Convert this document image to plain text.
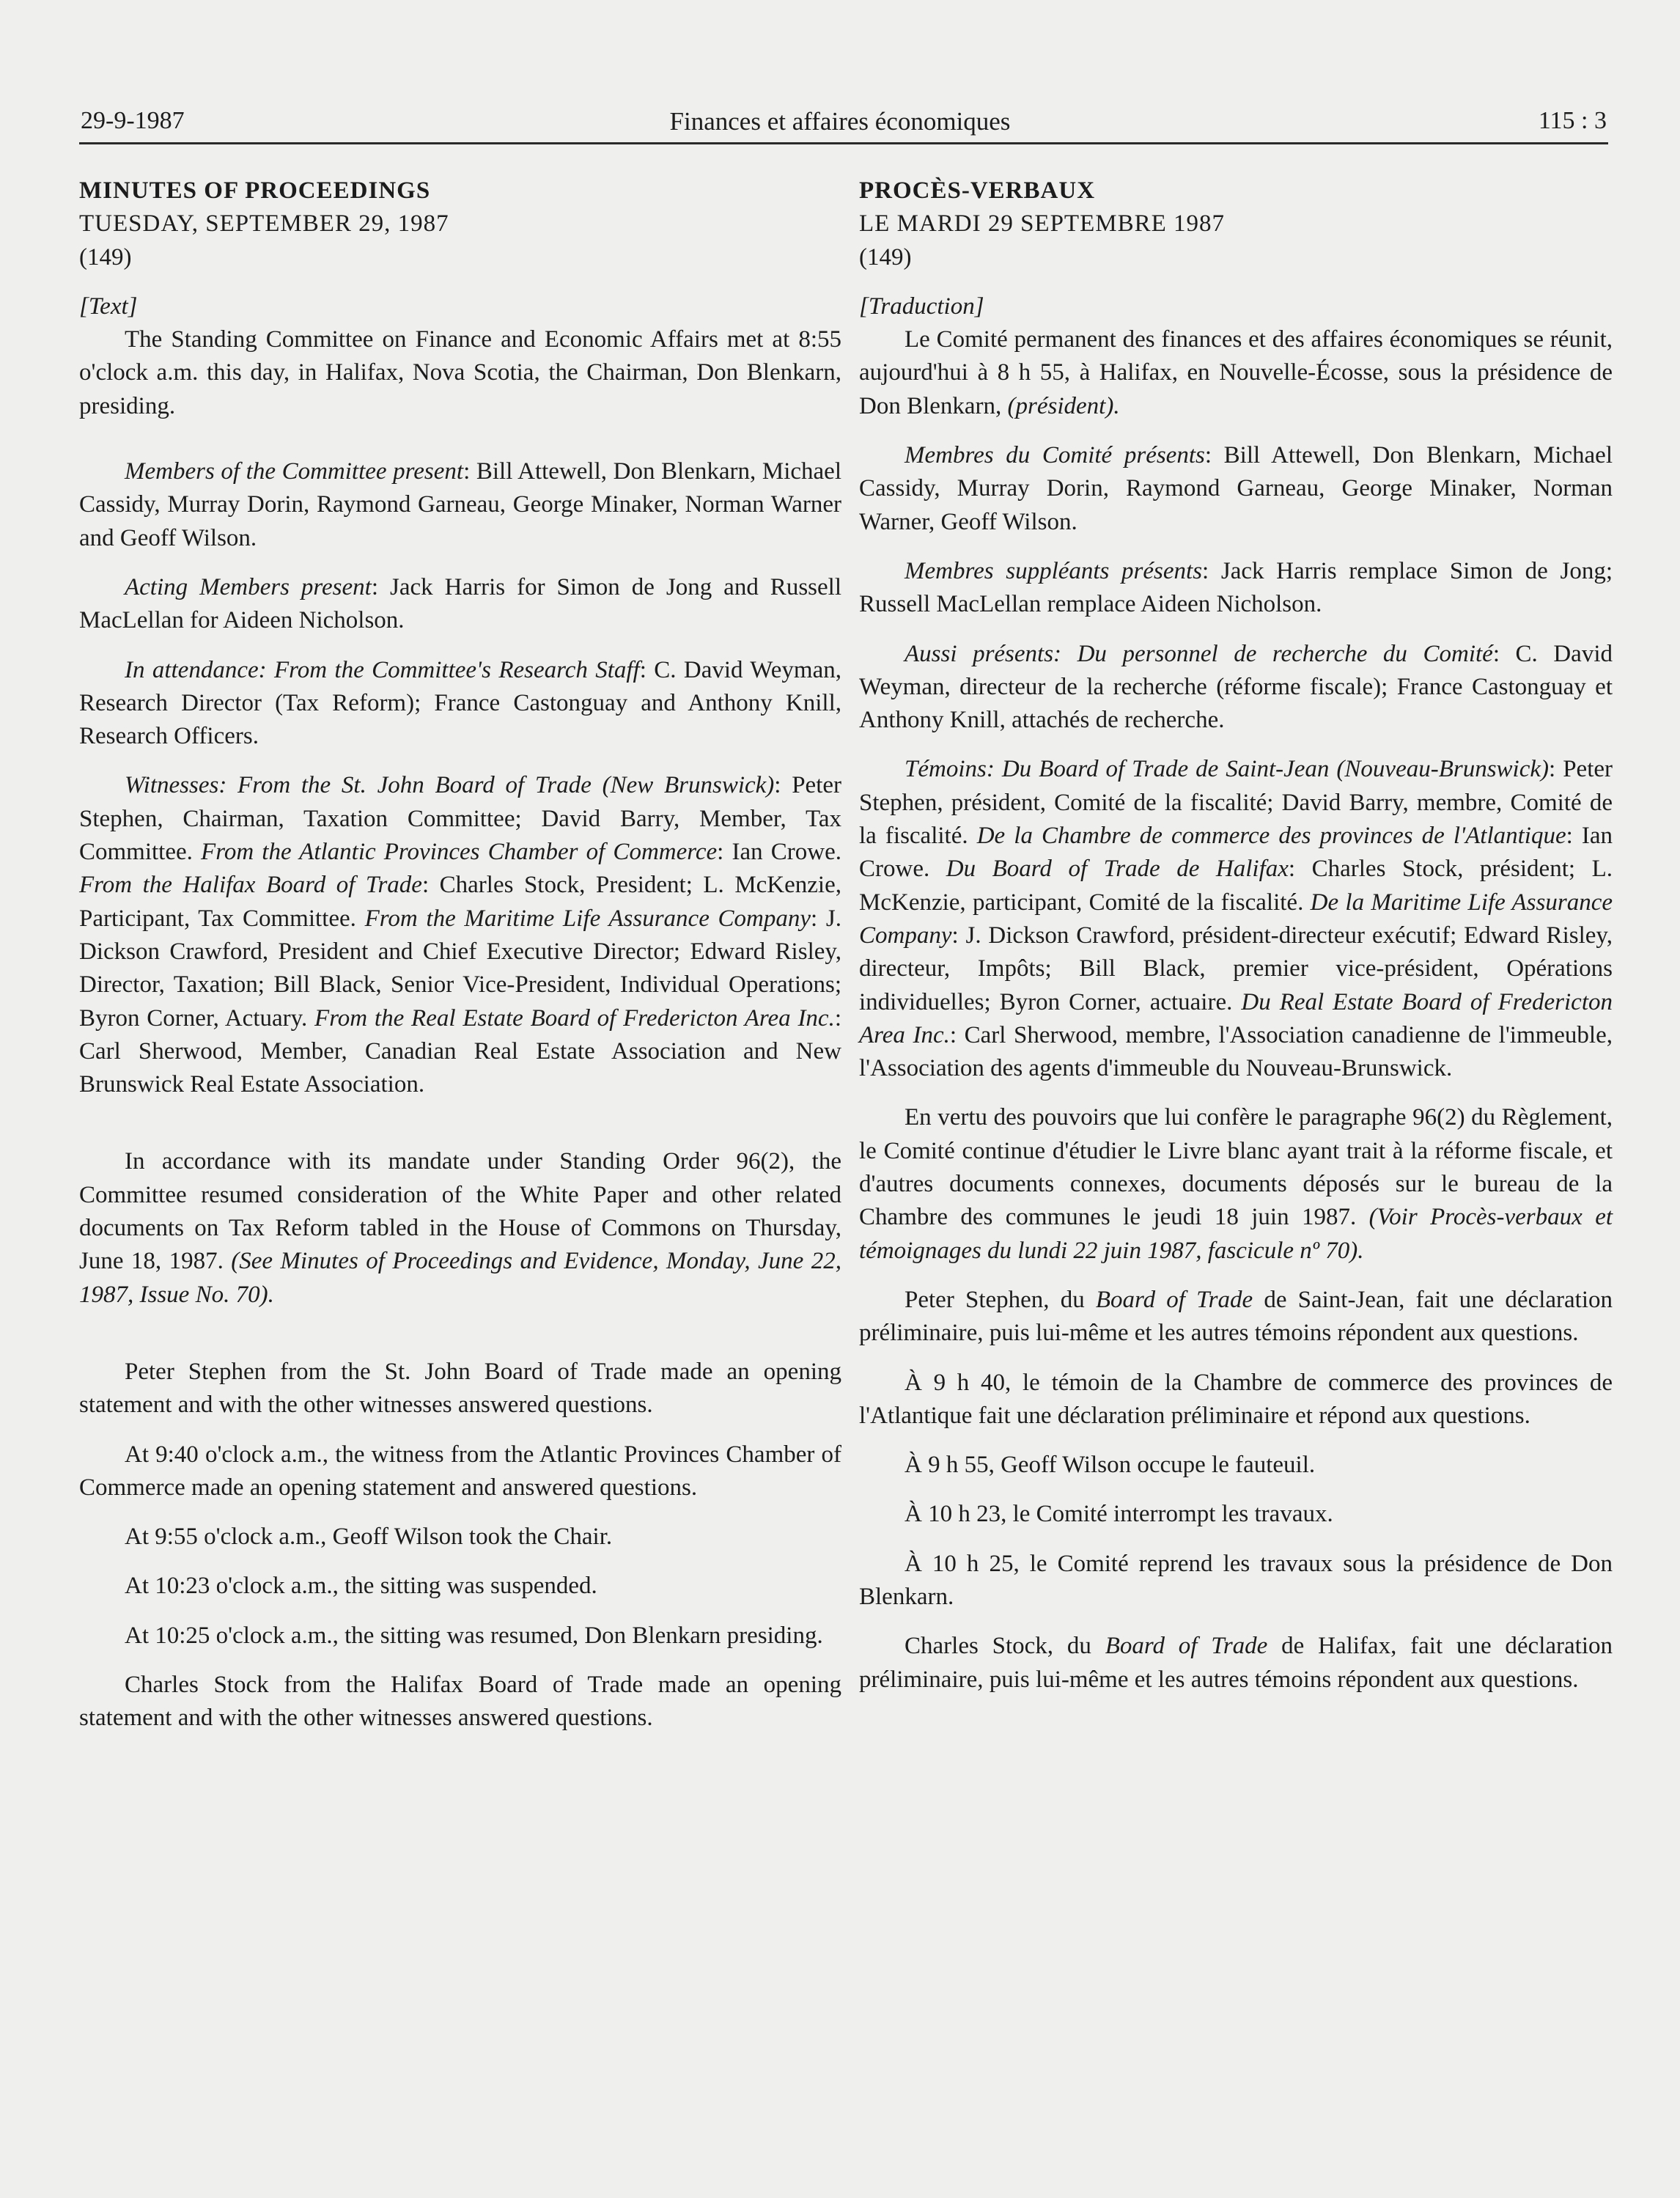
29-9-1987	Finances et affaires économiques	115 : 3

MINUTES OF PROCEEDINGS

TUESDAY, SEPTEMBER 29, 1987

(149)

[Text]

The Standing Committee on Finance and Economic Affairs met at 8:55 o'clock a.m. this day, in Halifax, Nova Scotia, the Chairman, Don Blenkarn, presiding.

Members of the Committee present: Bill Attewell, Don Blenkarn, Michael Cassidy, Murray Dorin, Raymond Garneau, George Minaker, Norman Warner and Geoff Wilson.

Acting Members present: Jack Harris for Simon de Jong and Russell MacLellan for Aideen Nicholson.

In attendance: From the Committee's Research Staff: C. David Weyman, Research Director (Tax Reform); France Castonguay and Anthony Knill, Research Officers.

Witnesses: From the St. John Board of Trade (New Brunswick): Peter Stephen, Chairman, Taxation Committee; David Barry, Member, Tax Committee. From the Atlantic Provinces Chamber of Commerce: Ian Crowe. From the Halifax Board of Trade: Charles Stock, President; L. McKenzie, Participant, Tax Committee. From the Maritime Life Assurance Company: J. Dickson Crawford, President and Chief Executive Director; Edward Risley, Director, Taxation; Bill Black, Senior Vice-President, Individual Operations; Byron Corner, Actuary. From the Real Estate Board of Fredericton Area Inc.: Carl Sherwood, Member, Canadian Real Estate Association and New Brunswick Real Estate Association.

In accordance with its mandate under Standing Order 96(2), the Committee resumed consideration of the White Paper and other related documents on Tax Reform tabled in the House of Commons on Thursday, June 18, 1987. (See Minutes of Proceedings and Evidence, Monday, June 22, 1987, Issue No. 70).

Peter Stephen from the St. John Board of Trade made an opening statement and with the other witnesses answered questions.

At 9:40 o'clock a.m., the witness from the Atlantic Provinces Chamber of Commerce made an opening statement and answered questions.

At 9:55 o'clock a.m., Geoff Wilson took the Chair.

At 10:23 o'clock a.m., the sitting was suspended.

At 10:25 o'clock a.m., the sitting was resumed, Don Blenkarn presiding.

Charles Stock from the Halifax Board of Trade made an opening statement and with the other witnesses answered questions.

PROCÈS-VERBAUX

LE MARDI 29 SEPTEMBRE 1987

(149)

[Traduction]

Le Comité permanent des finances et des affaires économiques se réunit, aujourd'hui à 8 h 55, à Halifax, en Nouvelle-Écosse, sous la présidence de Don Blenkarn, (président).

Membres du Comité présents: Bill Attewell, Don Blenkarn, Michael Cassidy, Murray Dorin, Raymond Garneau, George Minaker, Norman Warner, Geoff Wilson.

Membres suppléants présents: Jack Harris remplace Simon de Jong; Russell MacLellan remplace Aideen Nicholson.

Aussi présents: Du personnel de recherche du Comité: C. David Weyman, directeur de la recherche (réforme fiscale); France Castonguay et Anthony Knill, attachés de recherche.

Témoins: Du Board of Trade de Saint-Jean (Nouveau-Brunswick): Peter Stephen, président, Comité de la fiscalité; David Barry, membre, Comité de la fiscalité. De la Chambre de commerce des provinces de l'Atlantique: Ian Crowe. Du Board of Trade de Halifax: Charles Stock, président; L. McKenzie, participant, Comité de la fiscalité. De la Maritime Life Assurance Company: J. Dickson Crawford, président-directeur exécutif; Edward Risley, directeur, Impôts; Bill Black, premier vice-président, Opérations individuelles; Byron Corner, actuaire. Du Real Estate Board of Fredericton Area Inc.: Carl Sherwood, membre, l'Association canadienne de l'immeuble, l'Association des agents d'immeuble du Nouveau-Brunswick.

En vertu des pouvoirs que lui confère le paragraphe 96(2) du Règlement, le Comité continue d'étudier le Livre blanc ayant trait à la réforme fiscale, et d'autres documents connexes, documents déposés sur le bureau de la Chambre des communes le jeudi 18 juin 1987. (Voir Procès-verbaux et témoignages du lundi 22 juin 1987, fascicule nº 70).

Peter Stephen, du Board of Trade de Saint-Jean, fait une déclaration préliminaire, puis lui-même et les autres témoins répondent aux questions.

À 9 h 40, le témoin de la Chambre de commerce des provinces de l'Atlantique fait une déclaration préliminaire et répond aux questions.

À 9 h 55, Geoff Wilson occupe le fauteuil.

À 10 h 23, le Comité interrompt les travaux.

À 10 h 25, le Comité reprend les travaux sous la présidence de Don Blenkarn.

Charles Stock, du Board of Trade de Halifax, fait une déclaration préliminaire, puis lui-même et les autres témoins répondent aux questions.
